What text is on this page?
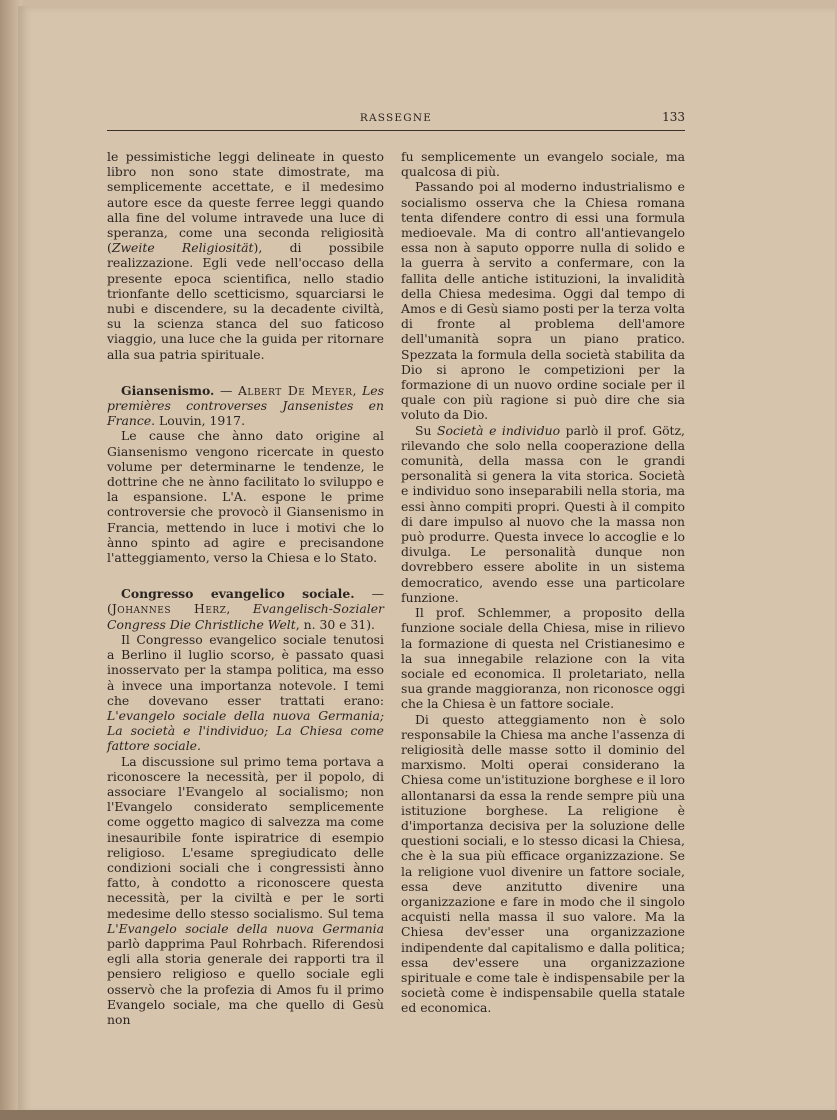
RASSEGNE	133

le pessimistiche leggi delineate in questo libro non sono state dimostrate, ma semplicemente accettate, e il medesimo autore esce da queste ferree leggi quando alla fine del volume intravede una luce di speranza, come una seconda religiosità (Zweite Religiosität), di possibile realizzazione. Egli vede nell'occaso della presente epoca scientifica, nello stadio trionfante dello scetticismo, squarciarsi le nubi e discendere, su la decadente civiltà, su la scienza stanca del suo faticoso viaggio, una luce che la guida per ritornare alla sua patria spirituale.

Giansenismo. — Albert De Meyer, Les premières controverses Jansenistes en France. Louvin, 1917.

Le cause che ànno dato origine al Giansenismo vengono ricercate in questo volume per determinarne le tendenze, le dottrine che ne ànno facilitato lo sviluppo e la espansione. L'A. espone le prime controversie che provocò il Giansenismo in Francia, mettendo in luce i motivi che lo ànno spinto ad agire e precisandone l'atteggiamento, verso la Chiesa e lo Stato.

Congresso evangelico sociale. — (Johannes Herz, Evangelisch-Sozialer Congress Die Christliche Welt, n. 30 e 31).

Il Congresso evangelico sociale tenutosi a Berlino il luglio scorso, è passato quasi inosservato per la stampa politica, ma esso à invece una importanza notevole. I temi che dovevano esser trattati erano: L'evangelo sociale della nuova Germania; La società e l'individuo; La Chiesa come fattore sociale.

La discussione sul primo tema portava a riconoscere la necessità, per il popolo, di associare l'Evangelo al socialismo; non l'Evangelo considerato semplicemente come oggetto magico di salvezza ma come inesauribile fonte ispiratrice di esempio religioso. L'esame spregiudicato delle condizioni sociali che i congressisti ànno fatto, à condotto a riconoscere questa necessità, per la civiltà e per le sorti medesime dello stesso socialismo. Sul tema L'Evangelo sociale della nuova Germania parlò dapprima Paul Rohrbach. Riferendosi egli alla storia generale dei rapporti tra il pensiero religioso e quello sociale egli osservò che la profezia di Amos fu il primo Evangelo sociale, ma che quello di Gesù non

fu semplicemente un evangelo sociale, ma qualcosa di più.

Passando poi al moderno industrialismo e socialismo osserva che la Chiesa romana tenta difendere contro di essi una formula medioevale. Ma di contro all'antievangelo essa non à saputo opporre nulla di solido e la guerra à servito a confermare, con la fallita delle antiche istituzioni, la invalidità della Chiesa medesima. Oggi dal tempo di Amos e di Gesù siamo posti per la terza volta di fronte al problema dell'amore dell'umanità sopra un piano pratico. Spezzata la formula della società stabilita da Dio si aprono le competizioni per la formazione di un nuovo ordine sociale per il quale con più ragione si può dire che sia voluto da Dio.

Su Società e individuo parlò il prof. Götz, rilevando che solo nella cooperazione della comunità, della massa con le grandi personalità si genera la vita storica. Società e individuo sono inseparabili nella storia, ma essi ànno compiti propri. Questi à il compito di dare impulso al nuovo che la massa non può produrre. Questa invece lo accoglie e lo divulga. Le personalità dunque non dovrebbero essere abolite in un sistema democratico, avendo esse una particolare funzione.

Il prof. Schlemmer, a proposito della funzione sociale della Chiesa, mise in rilievo la formazione di questa nel Cristianesimo e la sua innegabile relazione con la vita sociale ed economica. Il proletariato, nella sua grande maggioranza, non riconosce oggi che la Chiesa è un fattore sociale.

Di questo atteggiamento non è solo responsabile la Chiesa ma anche l'assenza di religiosità delle masse sotto il dominio del marxismo. Molti operai considerano la Chiesa come un'istituzione borghese e il loro allontanarsi da essa la rende sempre più una istituzione borghese. La religione è d'importanza decisiva per la soluzione delle questioni sociali, e lo stesso dicasi la Chiesa, che è la sua più efficace organizzazione. Se la religione vuol divenire un fattore sociale, essa deve anzitutto divenire una organizzazione e fare in modo che il singolo acquisti nella massa il suo valore. Ma la Chiesa dev'esser una organizzazione indipendente dal capitalismo e dalla politica; essa dev'essere una organizzazione spirituale e come tale è indispensabile per la società come è indispensabile quella statale ed economica.
